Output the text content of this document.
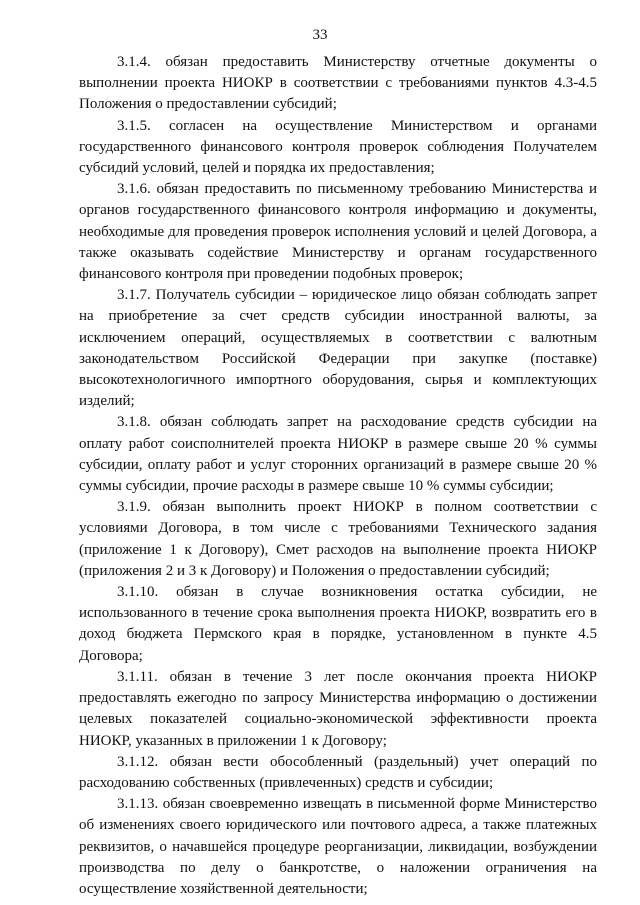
33

3.1.4. обязан предоставить Министерству отчетные документы о выполнении проекта НИОКР в соответствии с требованиями пунктов 4.3-4.5 Положения о предоставлении субсидий;

3.1.5. согласен на осуществление Министерством и органами государственного финансового контроля проверок соблюдения Получателем субсидий условий, целей и порядка их предоставления;

3.1.6. обязан предоставить по письменному требованию Министерства и органов государственного финансового контроля информацию и документы, необходимые для проведения проверок исполнения условий и целей Договора, а также оказывать содействие Министерству и органам государственного финансового контроля при проведении подобных проверок;

3.1.7. Получатель субсидии – юридическое лицо обязан соблюдать запрет на приобретение за счет средств субсидии иностранной валюты, за исключением операций, осуществляемых в соответствии с валютным законодательством Российской Федерации при закупке (поставке) высокотехнологичного импортного оборудования, сырья и комплектующих изделий;

3.1.8. обязан соблюдать запрет на расходование средств субсидии на оплату работ соисполнителей проекта НИОКР в размере свыше 20 % суммы субсидии, оплату работ и услуг сторонних организаций в размере свыше 20 % суммы субсидии, прочие расходы в размере свыше 10 % суммы субсидии;

3.1.9. обязан выполнить проект НИОКР в полном соответствии с условиями Договора, в том числе с требованиями Технического задания (приложение 1 к Договору), Смет расходов на выполнение проекта НИОКР (приложения 2 и 3 к Договору) и Положения о предоставлении субсидий;

3.1.10. обязан в случае возникновения остатка субсидии, не использованного в течение срока выполнения проекта НИОКР, возвратить его в доход бюджета Пермского края в порядке, установленном в пункте 4.5 Договора;

3.1.11. обязан в течение 3 лет после окончания проекта НИОКР предоставлять ежегодно по запросу Министерства информацию о достижении целевых показателей социально-экономической эффективности проекта НИОКР, указанных в приложении 1 к Договору;

3.1.12. обязан вести обособленный (раздельный) учет операций по расходованию собственных (привлеченных) средств и субсидии;

3.1.13. обязан своевременно извещать в письменной форме Министерство об изменениях своего юридического или почтового адреса, а также платежных реквизитов, о начавшейся процедуре реорганизации, ликвидации, возбуждении производства по делу о банкротстве, о наложении ограничения на осуществление хозяйственной деятельности;
